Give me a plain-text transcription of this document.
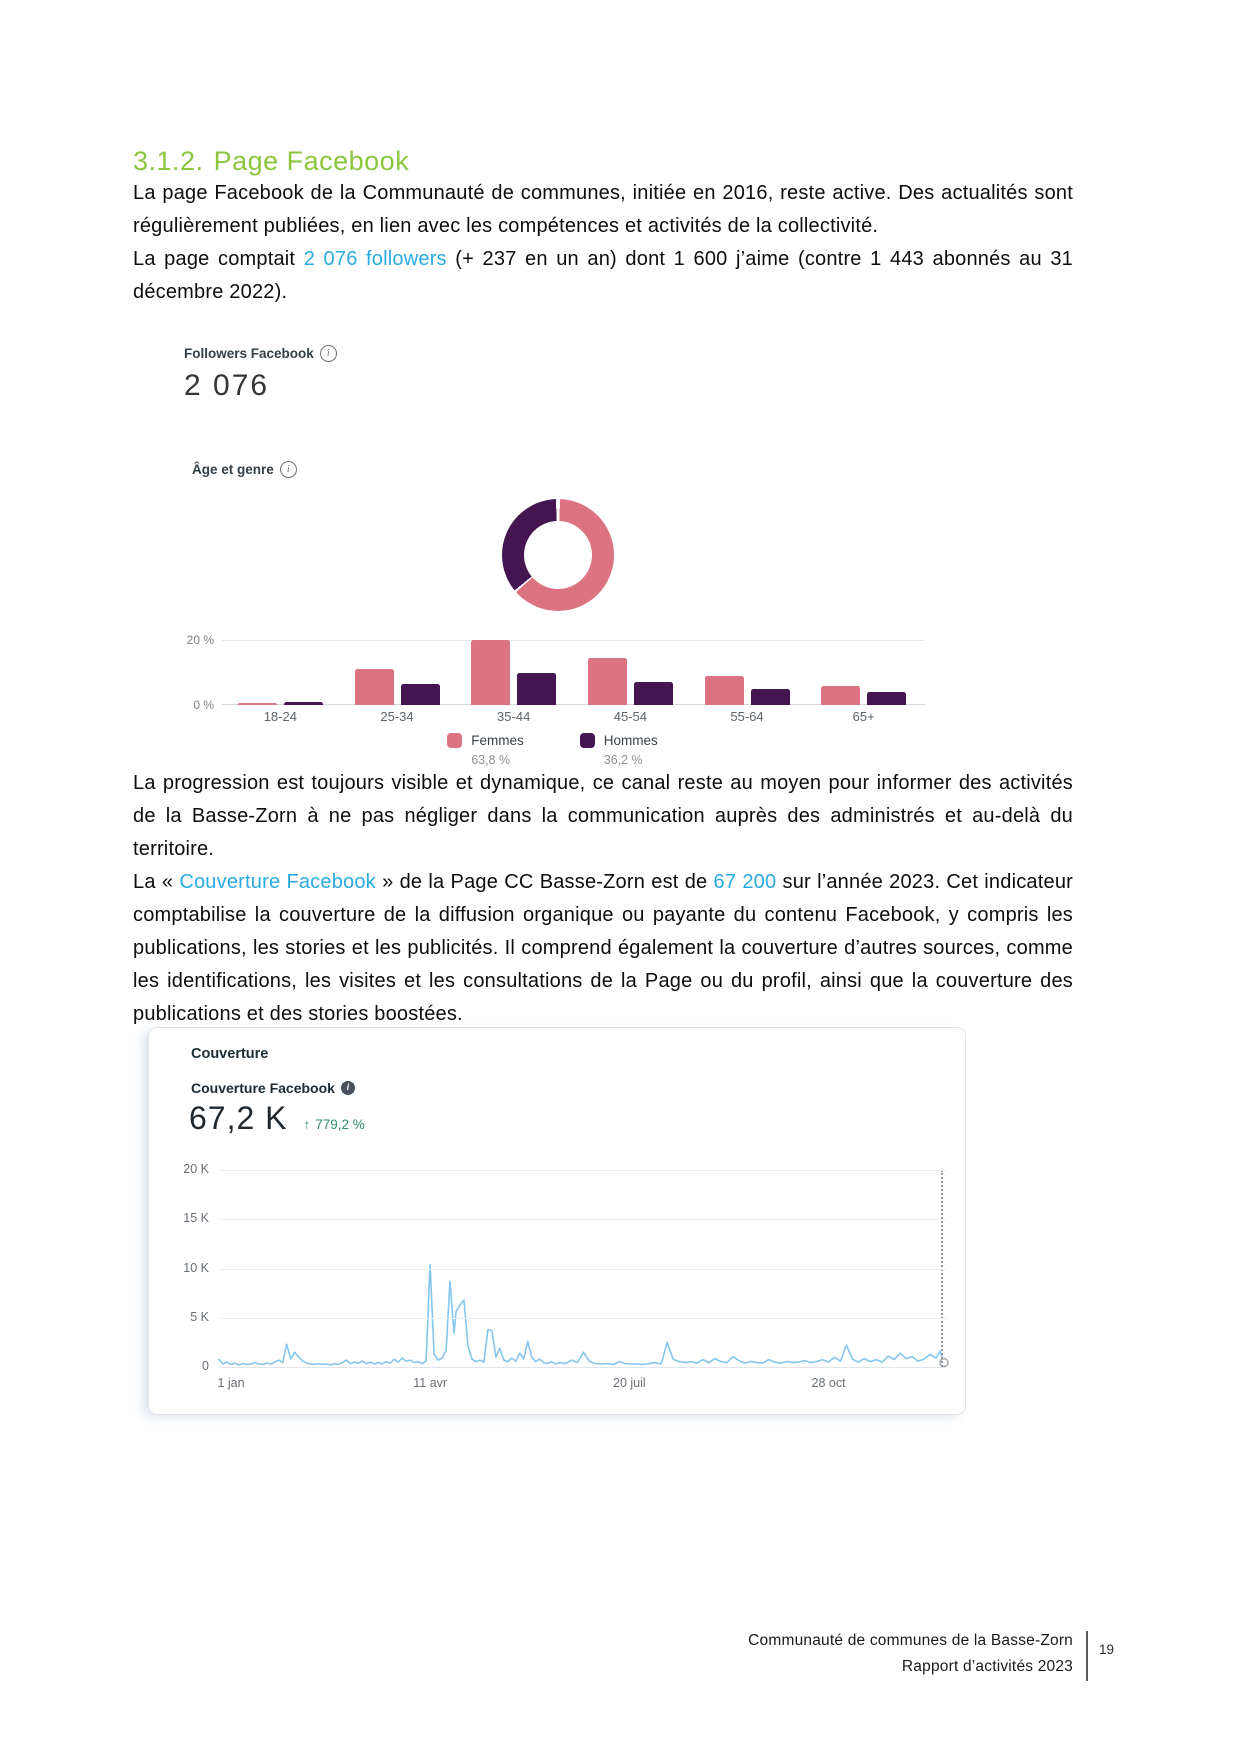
3.1.2. Page Facebook

La page Facebook de la Communauté de communes, initiée en 2016, reste active. Des actualités sont régulièrement publiées, en lien avec les compétences et activités de la collectivité.

La page comptait 2 076 followers (+ 237 en un an) dont 1 600 j’aime (contre 1 443 abonnés au 31 décembre 2022).

Followers Facebook	i
2 076
Âge et genre	i
20 %
0 %
18-24	25-34	35-44	45-54	55-64	65+
Femmes
63,8 %
Hommes
36,2 %

La progression est toujours visible et dynamique, ce canal reste au moyen pour informer des activités de la Basse-Zorn à ne pas négliger dans la communication auprès des administrés et au-delà du territoire.

La « Couverture Facebook » de la Page CC Basse-Zorn est de 67 200 sur l’année 2023. Cet indicateur comptabilise la couverture de la diffusion organique ou payante du contenu Facebook, y compris les publications, les stories et les publicités. Il comprend également la couverture d’autres sources, comme les identifications, les visites et les consultations de la Page ou du profil, ainsi que la couverture des publications et des stories boostées.

Couverture
Couverture Facebook	i
67,2 K ↑ 779,2 %
20 K
15 K
10 K
5 K
0
1 jan	11 avr	20 juil	28 oct
Communauté de communes de la Basse-Zorn
Rapport d’activités 2023
19
